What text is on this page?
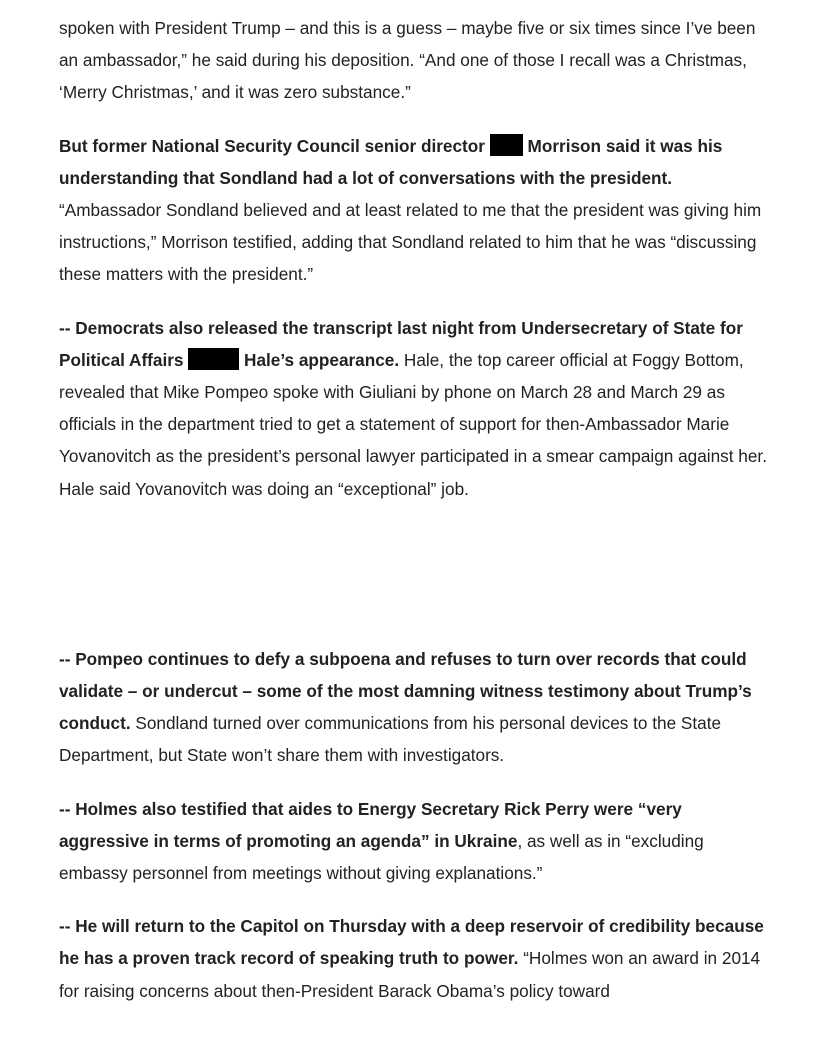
spoken with President Trump – and this is a guess – maybe five or six times since I’ve been an ambassador,” he said during his deposition. “And one of those I recall was a Christmas, ‘Merry Christmas,’ and it was zero substance.”

But former National Security Council senior director Morrison said it was his understanding that Sondland had a lot of conversations with the president. “Ambassador Sondland believed and at least related to me that the president was giving him instructions,” Morrison testified, adding that Sondland related to him that he was “discussing these matters with the president.”

-- Democrats also released the transcript last night from Undersecretary of State for Political Affairs	Hale’s appearance. Hale, the top career official at Foggy Bottom, revealed that Mike Pompeo spoke with Giuliani by phone on March 28 and March 29 as officials in the department tried to get a statement of support for then-Ambassador Marie Yovanovitch as the president’s personal lawyer participated in a smear campaign against her. Hale said Yovanovitch was doing an “exceptional” job.

-- Pompeo continues to defy a subpoena and refuses to turn over records that could validate – or undercut – some of the most damning witness testimony about Trump’s conduct. Sondland turned over communications from his personal devices to the State Department, but State won’t share them with investigators.

-- Holmes also testified that aides to Energy Secretary Rick Perry were “very aggressive in terms of promoting an agenda” in Ukraine, as well as in “excluding embassy personnel from meetings without giving explanations.”

-- He will return to the Capitol on Thursday with a deep reservoir of credibility because he has a proven track record of speaking truth to power. “Holmes won an award in 2014 for raising concerns about then-President Barack Obama’s policy toward
